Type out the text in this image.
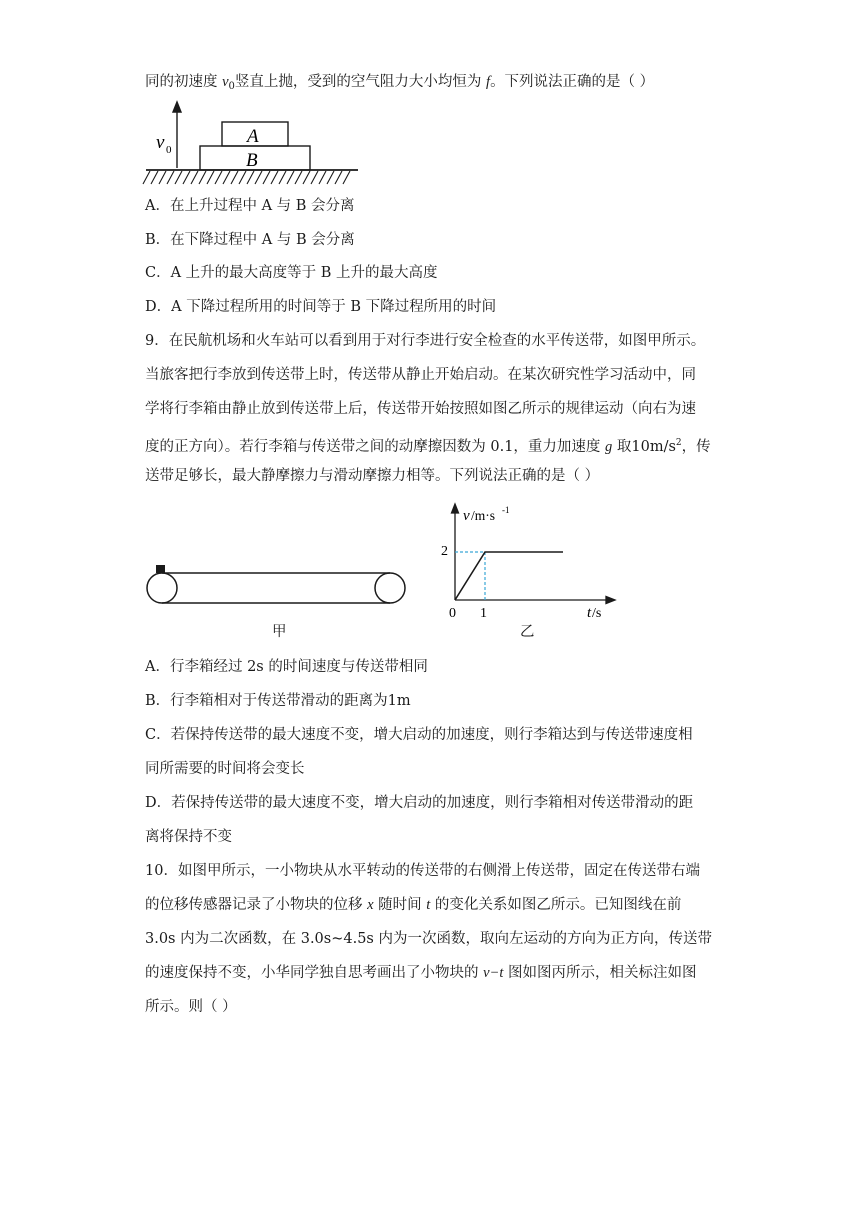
同的初速度 $v_0$竖直上抛，受到的空气阻力大小均恒为 f。下列说法正确的是（ ）
v 0
A
B
A．在上升过程中 A 与 B 会分离
B．在下降过程中 A 与 B 会分离
C．A 上升的最大高度等于 B 上升的最大高度
D．A 下降过程所用的时间等于 B 下降过程所用的时间
9．在民航机场和火车站可以看到用于对行李进行安全检查的水平传送带，如图甲所示。
当旅客把行李放到传送带上时，传送带从静止开始启动。在某次研究性学习活动中，同
学将行李箱由静止放到传送带上后，传送带开始按照如图乙所示的规律运动（向右为速
度的正方向）。若行李箱与传送带之间的动摩擦因数为 0.1，重力加速度 g 取$10m/s^2$，传
送带足够长，最大静摩擦力与滑动摩擦力相等。下列说法正确的是（ ）
甲
v /m·s -1
2
0 1	t /s
乙
A．行李箱经过 2s 的时间速度与传送带相同
B．行李箱相对于传送带滑动的距离为1m
C．若保持传送带的最大速度不变，增大启动的加速度，则行李箱达到与传送带速度相
同所需要的时间将会变长
D．若保持传送带的最大速度不变，增大启动的加速度，则行李箱相对传送带滑动的距
离将保持不变
10．如图甲所示，一小物块从水平转动的传送带的右侧滑上传送带，固定在传送带右端
的位移传感器记录了小物块的位移 x 随时间 t 的变化关系如图乙所示。已知图线在前
3.0s 内为二次函数，在 3.0s~4.5s 内为一次函数，取向左运动的方向为正方向，传送带
的速度保持不变，小华同学独自思考画出了小物块的 v−t 图如图丙所示，相关标注如图
所示。则（ ）
